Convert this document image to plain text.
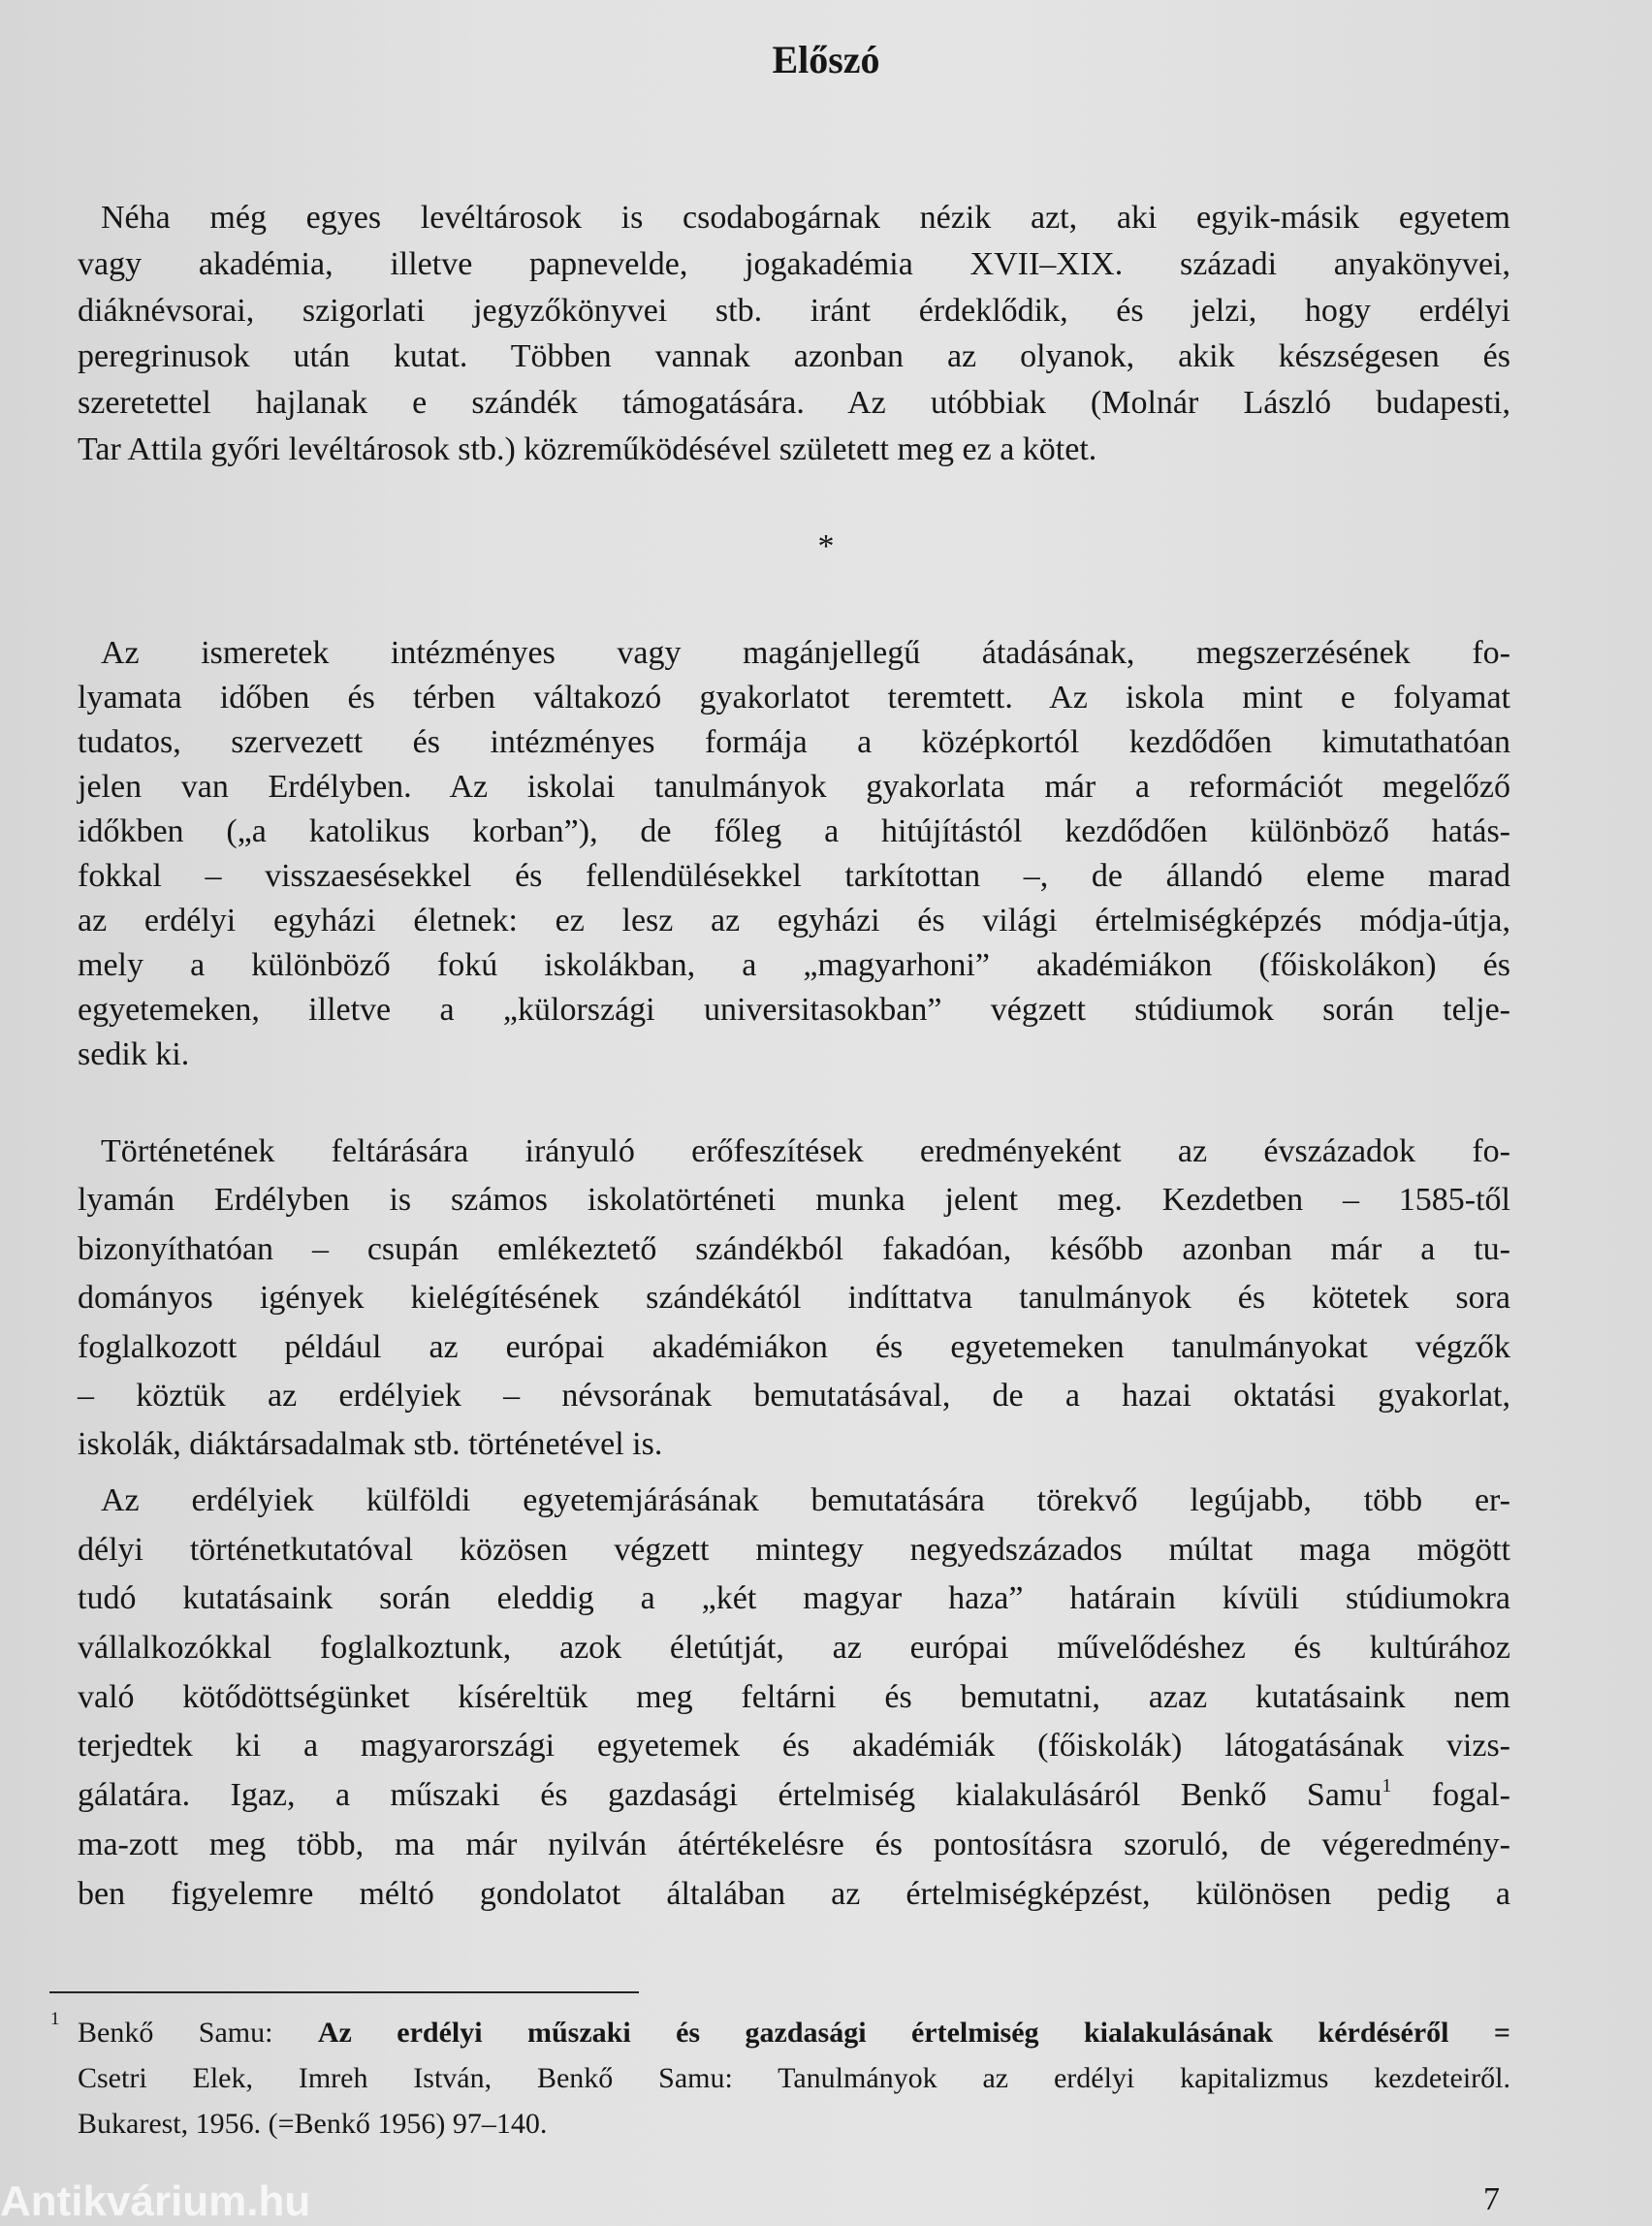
Előszó
Néha még egyes levéltárosok is csodabogárnak nézik azt, aki egyik-másik egyetem
vagy akadémia, illetve papnevelde, jogakadémia XVII–XIX. századi anyakönyvei,
diáknévsorai, szigorlati jegyzőkönyvei stb. iránt érdeklődik, és jelzi, hogy erdélyi
peregrinusok után kutat. Többen vannak azonban az olyanok, akik készségesen és
szeretettel hajlanak e szándék támogatására. Az utóbbiak (Molnár László budapesti,
Tar Attila győri levéltárosok stb.) közreműködésével született meg ez a kötet.
*
Az ismeretek intézményes vagy magánjellegű átadásának, megszerzésének fo-
lyamata időben és térben váltakozó gyakorlatot teremtett. Az iskola mint e folyamat
tudatos, szervezett és intézményes formája a középkortól kezdődően kimutathatóan
jelen van Erdélyben. Az iskolai tanulmányok gyakorlata már a reformációt megelőző
időkben („a katolikus korban”), de főleg a hitújítástól kezdődően különböző hatás-
fokkal – visszaesésekkel és fellendülésekkel tarkítottan –, de állandó eleme marad
az erdélyi egyházi életnek: ez lesz az egyházi és világi értelmiségképzés módja-útja,
mely a különböző fokú iskolákban, a „magyarhoni” akadémiákon (főiskolákon) és
egyetemeken, illetve a „külországi universitasokban” végzett stúdiumok során telje-
sedik ki.
Történetének feltárására irányuló erőfeszítések eredményeként az évszázadok fo-
lyamán Erdélyben is számos iskolatörténeti munka jelent meg. Kezdetben – 1585-től
bizonyíthatóan – csupán emlékeztető szándékból fakadóan, később azonban már a tu-
dományos igények kielégítésének szándékától indíttatva tanulmányok és kötetek sora
foglalkozott például az európai akadémiákon és egyetemeken tanulmányokat végzők
– köztük az erdélyiek – névsorának bemutatásával, de a hazai oktatási gyakorlat,
iskolák, diáktársadalmak stb. történetével is.
Az erdélyiek külföldi egyetemjárásának bemutatására törekvő legújabb, több er-
délyi történetkutatóval közösen végzett mintegy negyedszázados múltat maga mögött
tudó kutatásaink során eleddig a „két magyar haza” határain kívüli stúdiumokra
vállalkozókkal foglalkoztunk, azok életútját, az európai művelődéshez és kultúrához
való kötődöttségünket kíséreltük meg feltárni és bemutatni, azaz kutatásaink nem
terjedtek ki a magyarországi egyetemek és akadémiák (főiskolák) látogatásának vizs-
gálatára. Igaz, a műszaki és gazdasági értelmiség kialakulásáról Benkő Samu$^1$ fogal-
ma-zott meg több, ma már nyilván átértékelésre és pontosításra szoruló, de végeredmény-
ben figyelemre méltó gondolatot általában az értelmiségképzést, különösen pedig a
1 Benkő Samu: Az erdélyi műszaki és gazdasági értelmiség kialakulásának kérdéséről =
Csetri Elek, Imreh István, Benkő Samu: Tanulmányok az erdélyi kapitalizmus kezdeteiről.
Bukarest, 1956. (=Benkő 1956) 97–140.
7
Antikvárium.hu
